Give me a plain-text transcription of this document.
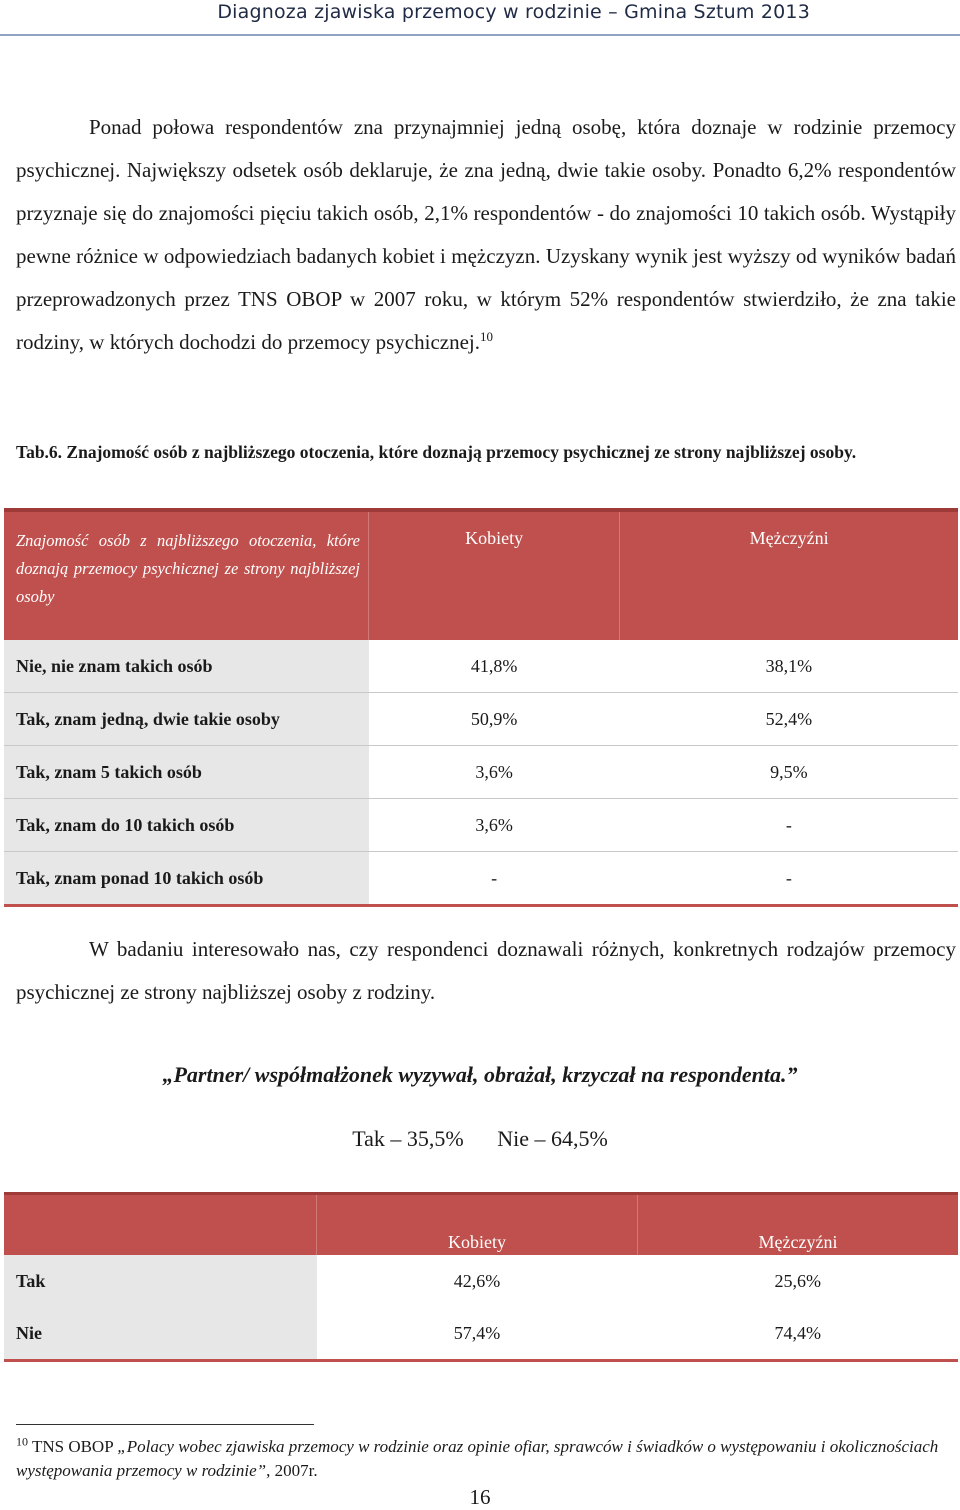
Diagnoza zjawiska przemocy w rodzinie – Gmina Sztum 2013

Ponad połowa respondentów zna przynajmniej jedną osobę, która doznaje w rodzinie przemocy psychicznej. Największy odsetek osób deklaruje, że zna jedną, dwie takie osoby. Ponadto 6,2% respondentów przyznaje się do znajomości pięciu takich osób, 2,1% respondentów - do znajomości 10 takich osób. Wystąpiły pewne różnice w odpowiedziach badanych kobiet i mężczyzn. Uzyskany wynik jest wyższy od wyników badań przeprowadzonych przez TNS OBOP w 2007 roku, w którym 52% respondentów stwierdziło, że zna takie rodziny, w których dochodzi do przemocy psychicznej.$^{10}$

Tab.6. Znajomość osób z najbliższego otoczenia, które doznają przemocy psychicznej ze strony najbliższej osoby.
Znajomość osób z najbliższego otoczenia, które doznają przemocy psychicznej ze strony najbliższej osoby	Kobiety	Mężczyźni
Nie, nie znam takich osób	41,8%	38,1%
Tak, znam jedną, dwie takie osoby	50,9%	52,4%
Tak, znam 5 takich osób	3,6%	9,5%
Tak, znam do 10 takich osób	3,6%	-
Tak, znam ponad 10 takich osób	-	-

W badaniu interesowało nas, czy respondenci doznawali różnych, konkretnych rodzajów przemocy psychicznej ze strony najbliższej osoby z rodziny.

„Partner/ współmałżonek wyzywał, obrażał, krzyczał na respondenta.”
Tak – 35,5% Nie – 64,5%
	Kobiety	Mężczyźni
Tak	42,6%	25,6%
Nie	57,4%	74,4%
$^{10}$ TNS OBOP „Polacy wobec zjawiska przemocy w rodzinie oraz opinie ofiar, sprawców i świadków o występowaniu i okolicznościach występowania przemocy w rodzinie”, 2007r.
16
